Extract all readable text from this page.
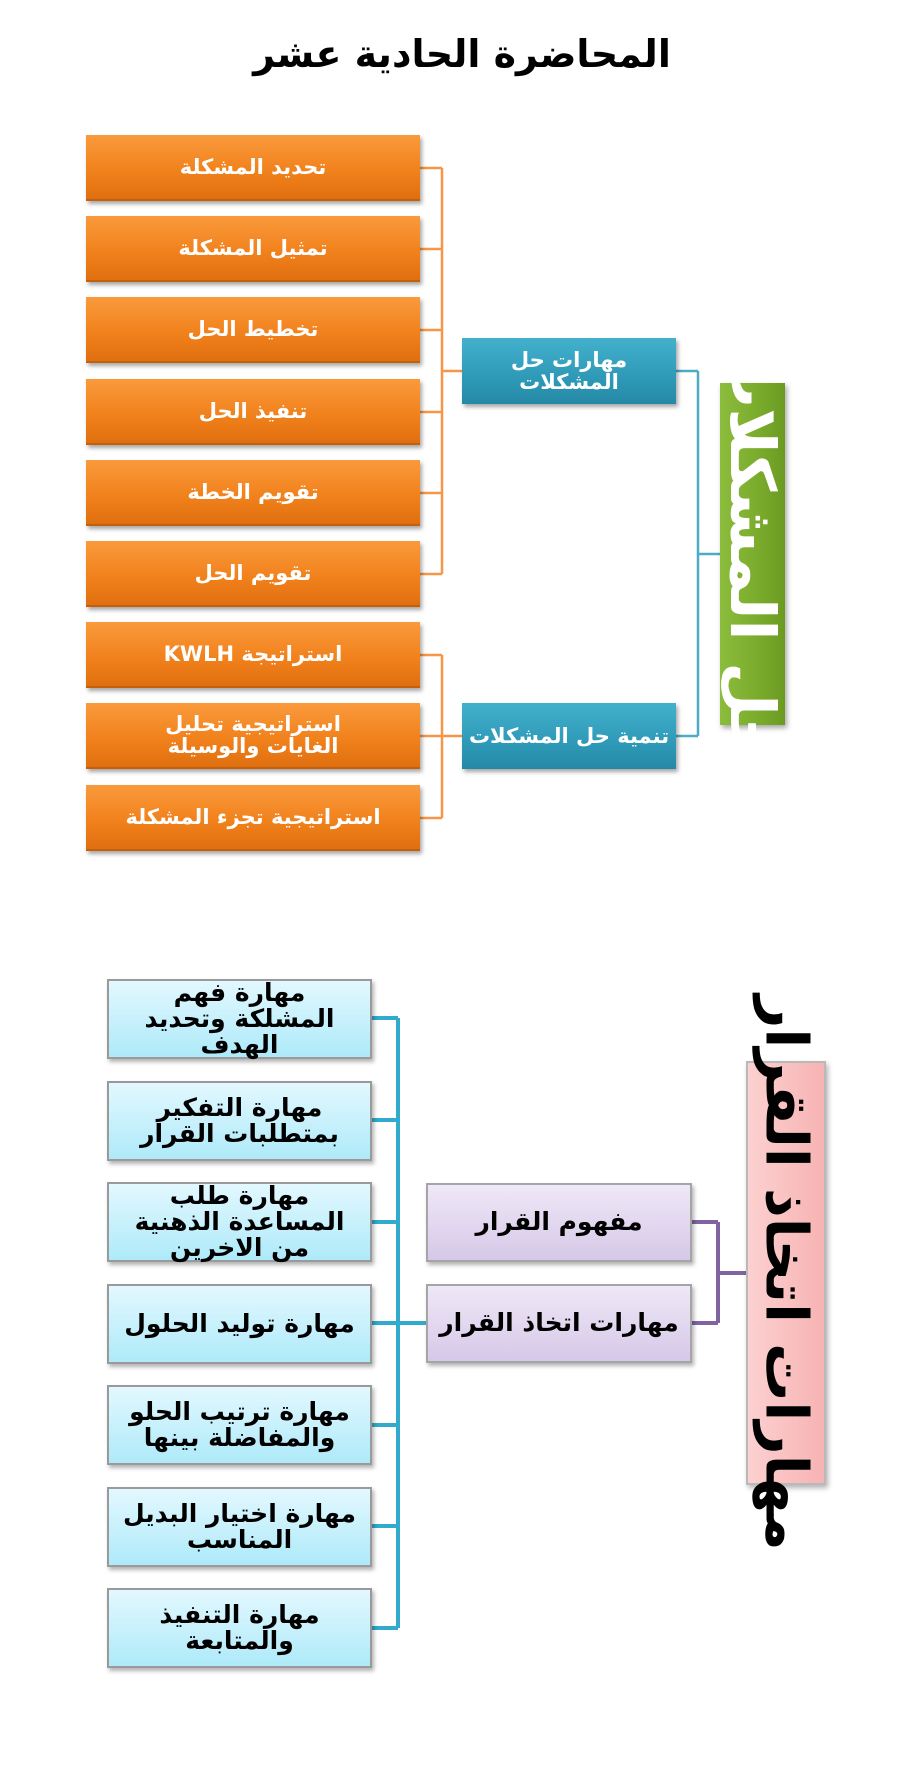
المحاضرة الحادية عشر
حل المشكلات
مهارات حل المشكلات
تنمية حل المشكلات
تحديد المشكلة
تمثيل المشكلة
تخطيط الحل
تنفيذ الحل
تقويم الخطة
تقويم الحل
استراتيجة KWLH
استراتيجية تحليل الغايات والوسيلة
استراتيجية تجزء المشكلة
مهارات اتخاذ القرار
مفهوم القرار
مهارات اتخاذ القرار
مهارة فهم المشلكة وتحديد الهدف
مهارة التفكير بمتطلبات القرار
مهارة طلب المساعدة الذهنية من الاخرين
مهارة توليد الحلول
مهارة ترتيب الحلو والمفاضلة بينها
مهارة اختيار البديل المناسب
مهارة التنفيذ والمتابعة
